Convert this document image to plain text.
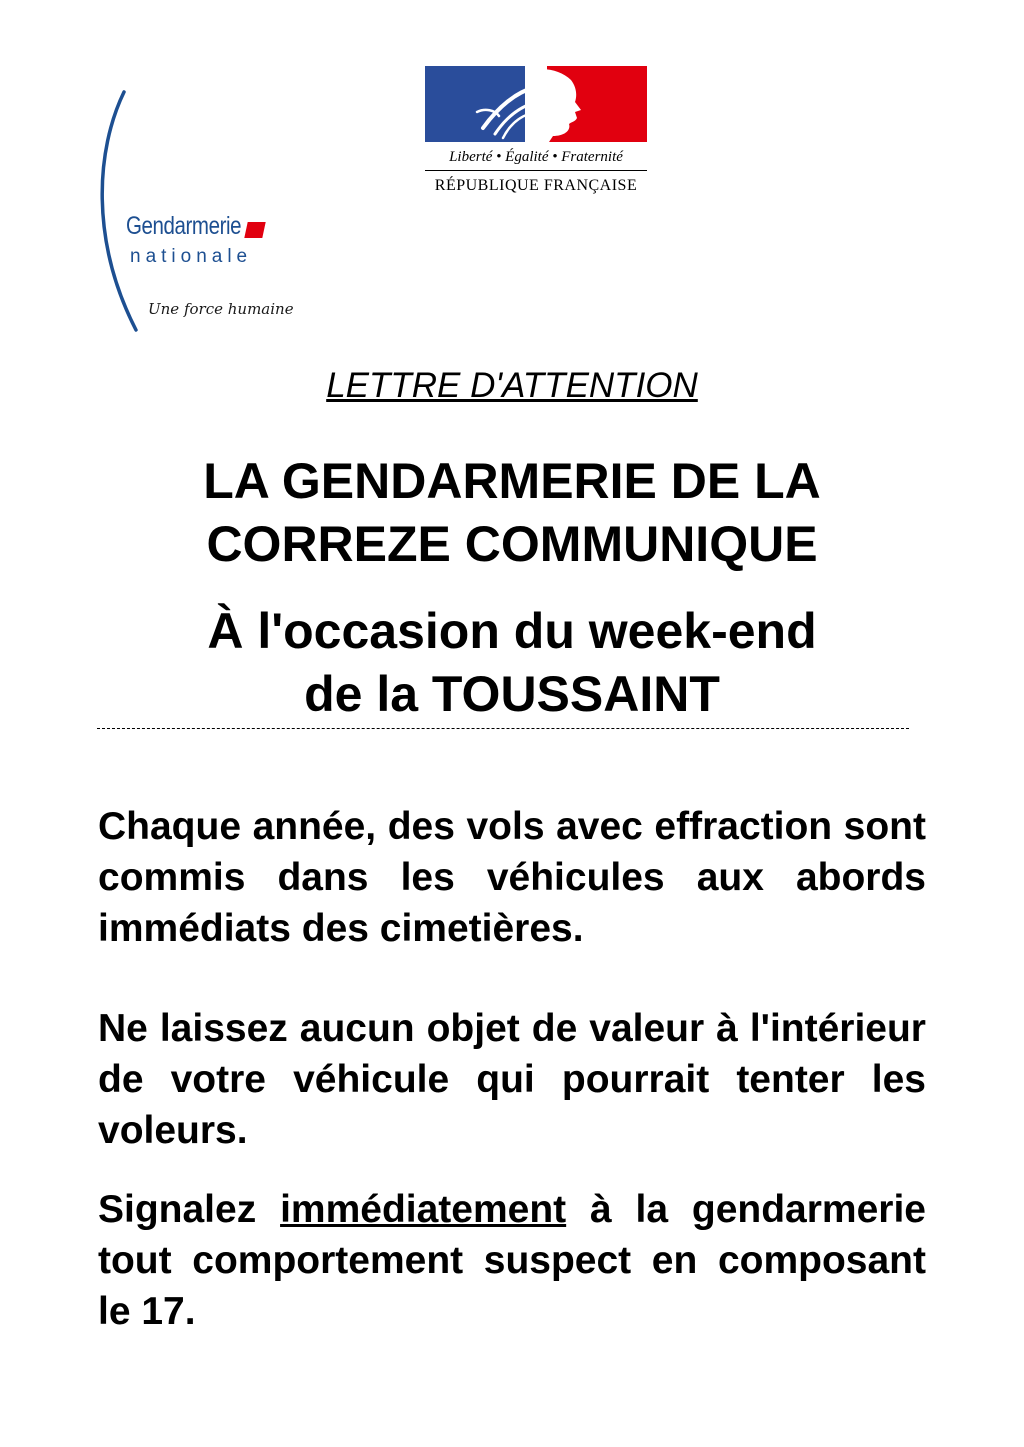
Gendarmerie
nationale
Une force humaine
Liberté • Égalité • Fraternité
RÉPUBLIQUE FRANÇAISE
LETTRE D'ATTENTION
LA GENDARMERIE DE LA
CORREZE COMMUNIQUE
À l'occasion du week-end
de la TOUSSAINT

Chaque année, des vols avec effraction sont commis dans les véhicules aux abords immédiats des cimetières.

Ne laissez aucun objet de valeur à l'intérieur de votre véhicule qui pourrait tenter les voleurs.

Signalez immédiatement à la gendarmerie tout comportement suspect en composant le 17.
